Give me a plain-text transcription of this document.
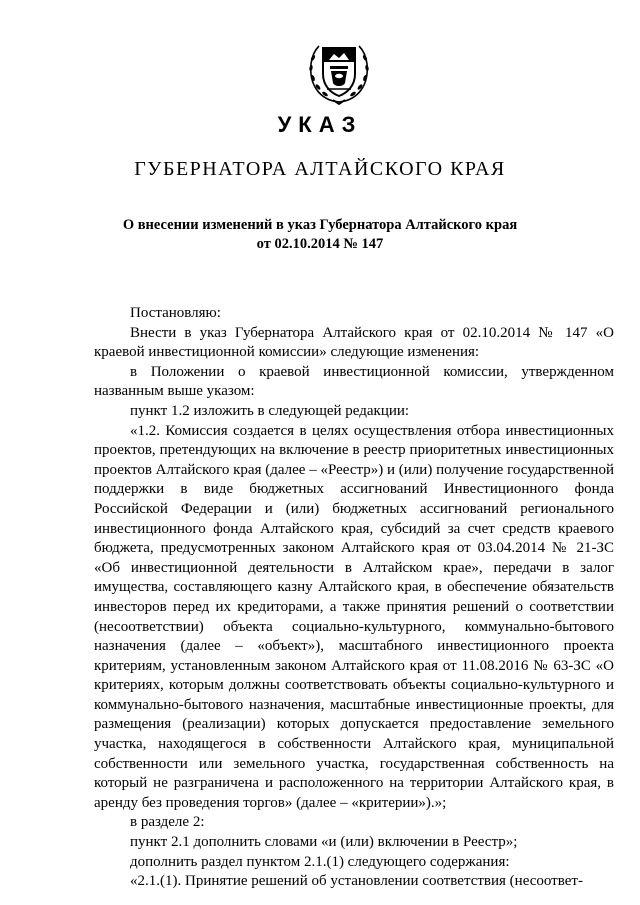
УКАЗ
ГУБЕРНАТОРА АЛТАЙСКОГО КРАЯ
О внесении изменений в указ Губернатора Алтайского края
от 02.10.2014 № 147

Постановляю:

Внести в указ Губернатора Алтайского края от 02.10.2014 № 147 «О краевой инвестиционной комиссии» следующие изменения:

в Положении о краевой инвестиционной комиссии, утвержденном названным выше указом:

пункт 1.2 изложить в следующей редакции:

«1.2. Комиссия создается в целях осуществления отбора инвестиционных проектов, претендующих на включение в реестр приоритетных инвестиционных проектов Алтайского края (далее – «Реестр») и (или) получение государственной поддержки в виде бюджетных ассигнований Инвестиционного фонда Российской Федерации и (или) бюджетных ассигнований регионального инвестиционного фонда Алтайского края, субсидий за счет средств краевого бюджета, предусмотренных законом Алтайского края от 03.04.2014 № 21-ЗС «Об инвестиционной деятельности в Алтайском крае», передачи в залог имущества, составляющего казну Алтайского края, в обеспечение обязательств инвесторов перед их кредиторами, а также принятия решений о соответствии (несоответствии) объекта социально-культурного, коммунально-бытового назначения (далее – «объект»), масштабного инвестиционного проекта критериям, установленным законом Алтайского края от 11.08.2016 № 63-ЗС «О критериях, которым должны соответствовать объекты социально-культурного и коммунально-бытового назначения, масштабные инвестиционные проекты, для размещения (реализации) которых допускается предоставление земельного участка, находящегося в собственности Алтайского края, муниципальной собственности или земельного участка, государственная собственность на который не разграничена и расположенного на территории Алтайского края, в аренду без проведения торгов» (далее – «критерии»).»;

в разделе 2:

пункт 2.1 дополнить словами «и (или) включении в Реестр»;

дополнить раздел пунктом 2.1.(1) следующего содержания:

«2.1.(1). Принятие решений об установлении соответствия (несоответ-
